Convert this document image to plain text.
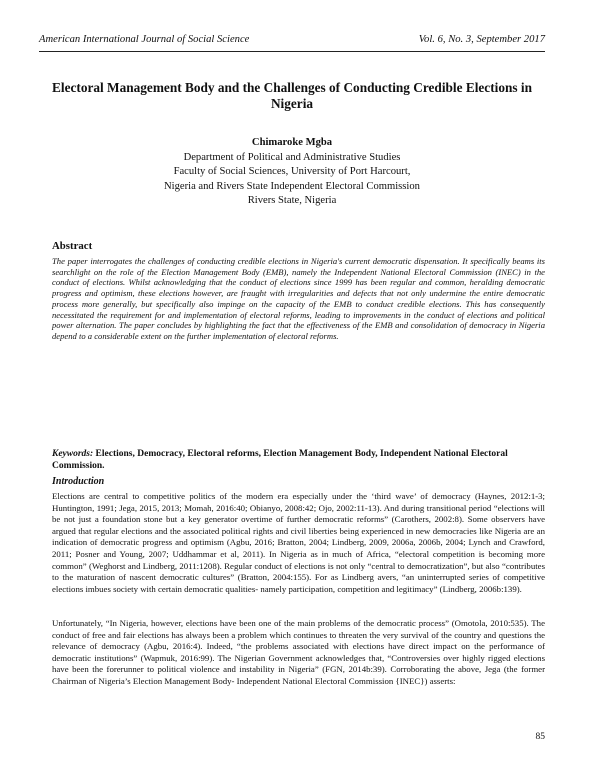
American International Journal of Social Science	Vol. 6, No. 3, September 2017
Electoral Management Body and the Challenges of Conducting Credible Elections in Nigeria
Chimaroke Mgba
Department of Political and Administrative Studies
Faculty of Social Sciences, University of Port Harcourt,
Nigeria and Rivers State Independent Electoral Commission
Rivers State, Nigeria
Abstract
The paper interrogates the challenges of conducting credible elections in Nigeria's current democratic dispensation. It specifically beams its searchlight on the role of the Election Management Body (EMB), namely the Independent National Electoral Commission (INEC) in the conduct of elections. Whilst acknowledging that the conduct of elections since 1999 has been regular and common, heralding democratic progress and optimism, these elections however, are fraught with irregularities and defects that not only undermine the entire democratic process more generally, but specifically also impinge on the capacity of the EMB to conduct credible elections. This has consequently necessitated the requirement for and implementation of electoral reforms, leading to improvements in the conduct of elections and political power alternation. The paper concludes by highlighting the fact that the effectiveness of the EMB and consolidation of democracy in Nigeria depend to a considerable extent on the further implementation of electoral reforms.
Keywords: Elections, Democracy, Electoral reforms, Election Management Body, Independent National Electoral Commission.
Introduction
Elections are central to competitive politics of the modern era especially under the ‘third wave’ of democracy (Haynes, 2012:1-3; Huntington, 1991; Jega, 2015, 2013; Momah, 2016:40; Obianyo, 2008:42; Ojo, 2002:11-13). And during transitional period “elections will be not just a foundation stone but a key generator overtime of further democratic reforms” (Carothers, 2002:8). Some observers have argued that regular elections and the associated political rights and civil liberties being experienced in new democracies like Nigeria are an indication of democratic progress and optimism (Agbu, 2016; Bratton, 2004; Lindberg, 2009, 2006a, 2006b, 2004; Lynch and Crawford, 2011; Posner and Young, 2007; Uddhammar et al, 2011). In Nigeria as in much of Africa, “electoral competition is becoming more common” (Weghorst and Lindberg, 2011:1208). Regular conduct of elections is not only “central to democratization”, but also “contributes to the maturation of nascent democratic cultures” (Bratton, 2004:155). For as Lindberg avers, “an uninterrupted series of competitive elections imbues society with certain democratic qualities- namely participation, competition and legitimacy” (Lindberg, 2006b:139).
Unfortunately, “In Nigeria, however, elections have been one of the main problems of the democratic process” (Omotola, 2010:535). The conduct of free and fair elections has always been a problem which continues to threaten the very survival of the country and questions the relevance of democracy (Agbu, 2016:4). Indeed, “the problems associated with elections have direct impact on the performance of democratic institutions” (Wapmuk, 2016:99). The Nigerian Government acknowledges that, “Controversies over highly rigged elections have been the forerunner to political violence and instability in Nigeria” (FGN, 2014b:39). Corroborating the above, Jega (the former Chairman of Nigeria’s Election Management Body- Independent National Electoral Commission {INEC}) asserts:
85
